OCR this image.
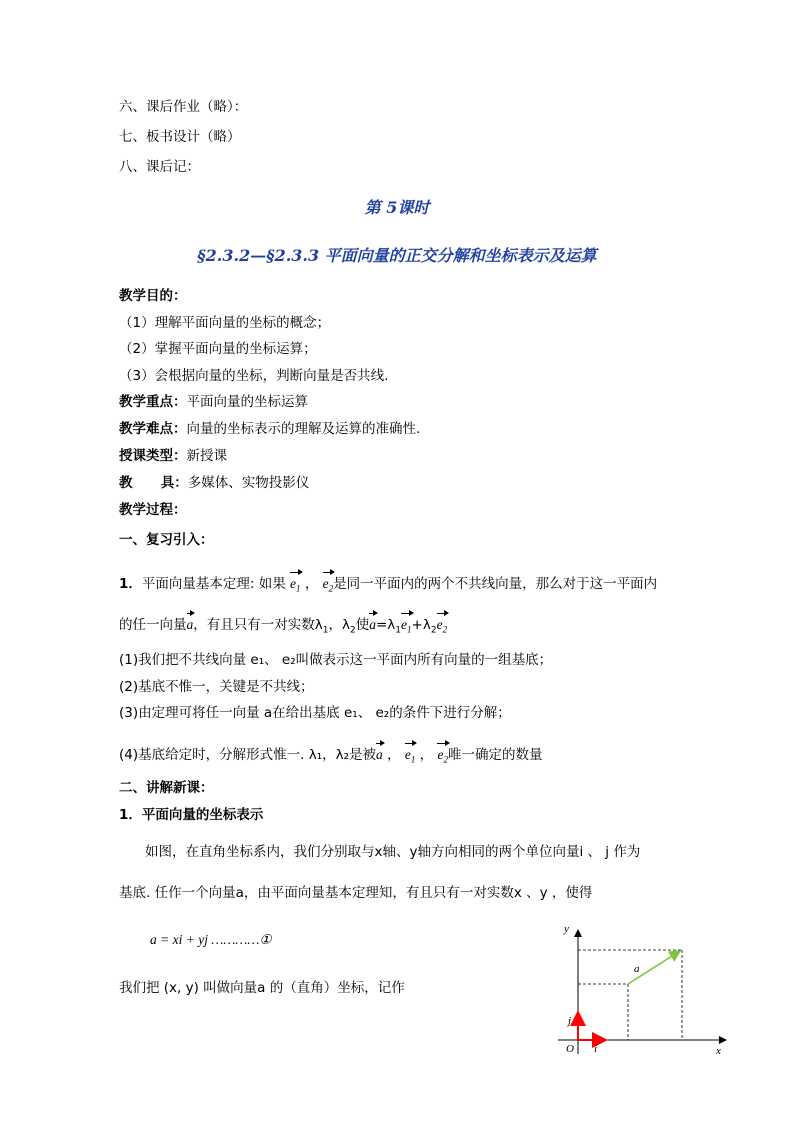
六、课后作业（略）：
七、板书设计（略）
八、课后记：
第 5课时
§2.3.2—§2.3.3 平面向量的正交分解和坐标表示及运算
教学目的：
（1）理解平面向量的坐标的概念；
（2）掌握平面向量的坐标运算；
（3）会根据向量的坐标，判断向量是否共线.
教学重点：平面向量的坐标运算
教学难点：向量的坐标表示的理解及运算的准确性.
授课类型：新授课
教      具：多媒体、实物投影仪
教学过程：
一、复习引入：
1．平面向量基本定理: 如果 $e_1$ ， $e_2$是同一平面内的两个不共线向量，那么对于这一平面内
的任一向量a，有且只有一对实数$\lambda_1$，$\lambda_2$使$a=\lambda_1e_1+\lambda_2e_2$
(1)我们把不共线向量 e₁、 e₂叫做表示这一平面内所有向量的一组基底；
(2)基底不惟一，关键是不共线；
(3)由定理可将任一向量 a在给出基底 e₁、 e₂的条件下进行分解；
(4)基底给定时，分解形式惟一. λ₁，λ₂是被a ， $e_1$ ， $e_2$唯一确定的数量
二、讲解新课：
1．平面向量的坐标表示
如图，在直角坐标系内，我们分别取与x轴、y轴方向相同的两个单位向量i 、 j 作为
基底. 任作一个向量a，由平面向量基本定理知，有且只有一对实数x 、y ，使得
a = xi + yj …………①
我们把 (x, y) 叫做向量a 的（直角）坐标，记作
y
x
O i
j
a
